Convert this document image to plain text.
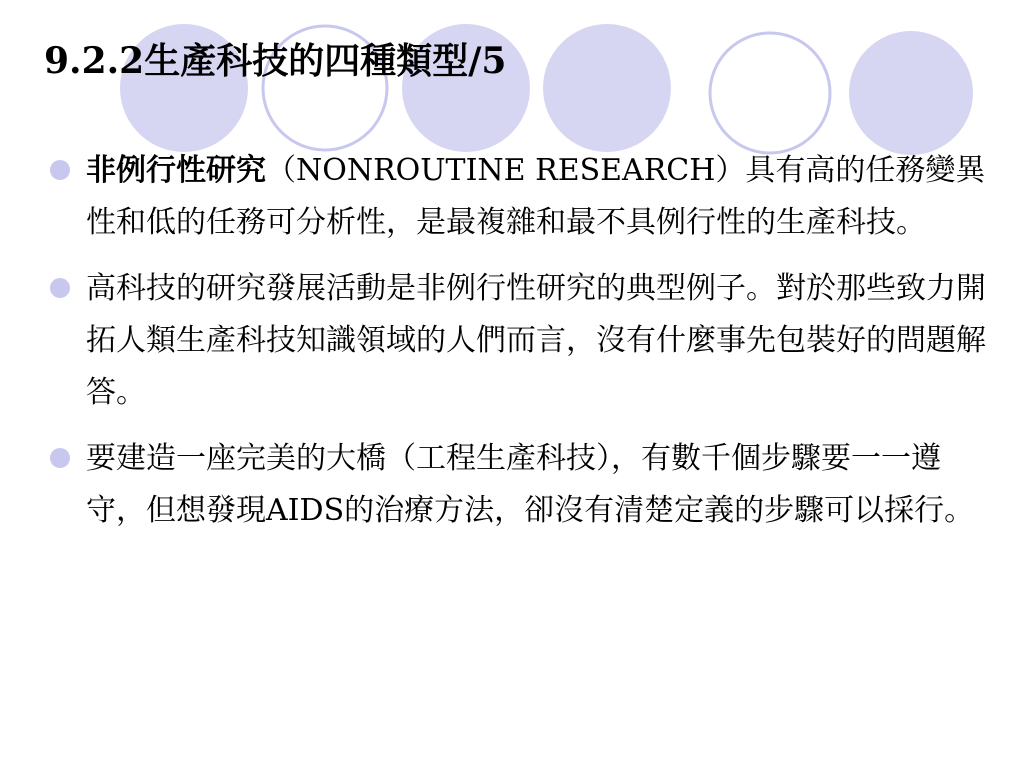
9.2.2生產科技的四種類型/5
非例行性研究（NONROUTINE RESEARCH）具有高的任務變異性和低的任務可分析性，是最複雜和最不具例行性的生產科技。
高科技的研究發展活動是非例行性研究的典型例子。對於那些致力開拓人類生產科技知識領域的人們而言，沒有什麼事先包裝好的問題解答。
要建造一座完美的大橋（工程生產科技），有數千個步驟要一一遵守，但想發現AIDS的治療方法，卻沒有清楚定義的步驟可以採行。
